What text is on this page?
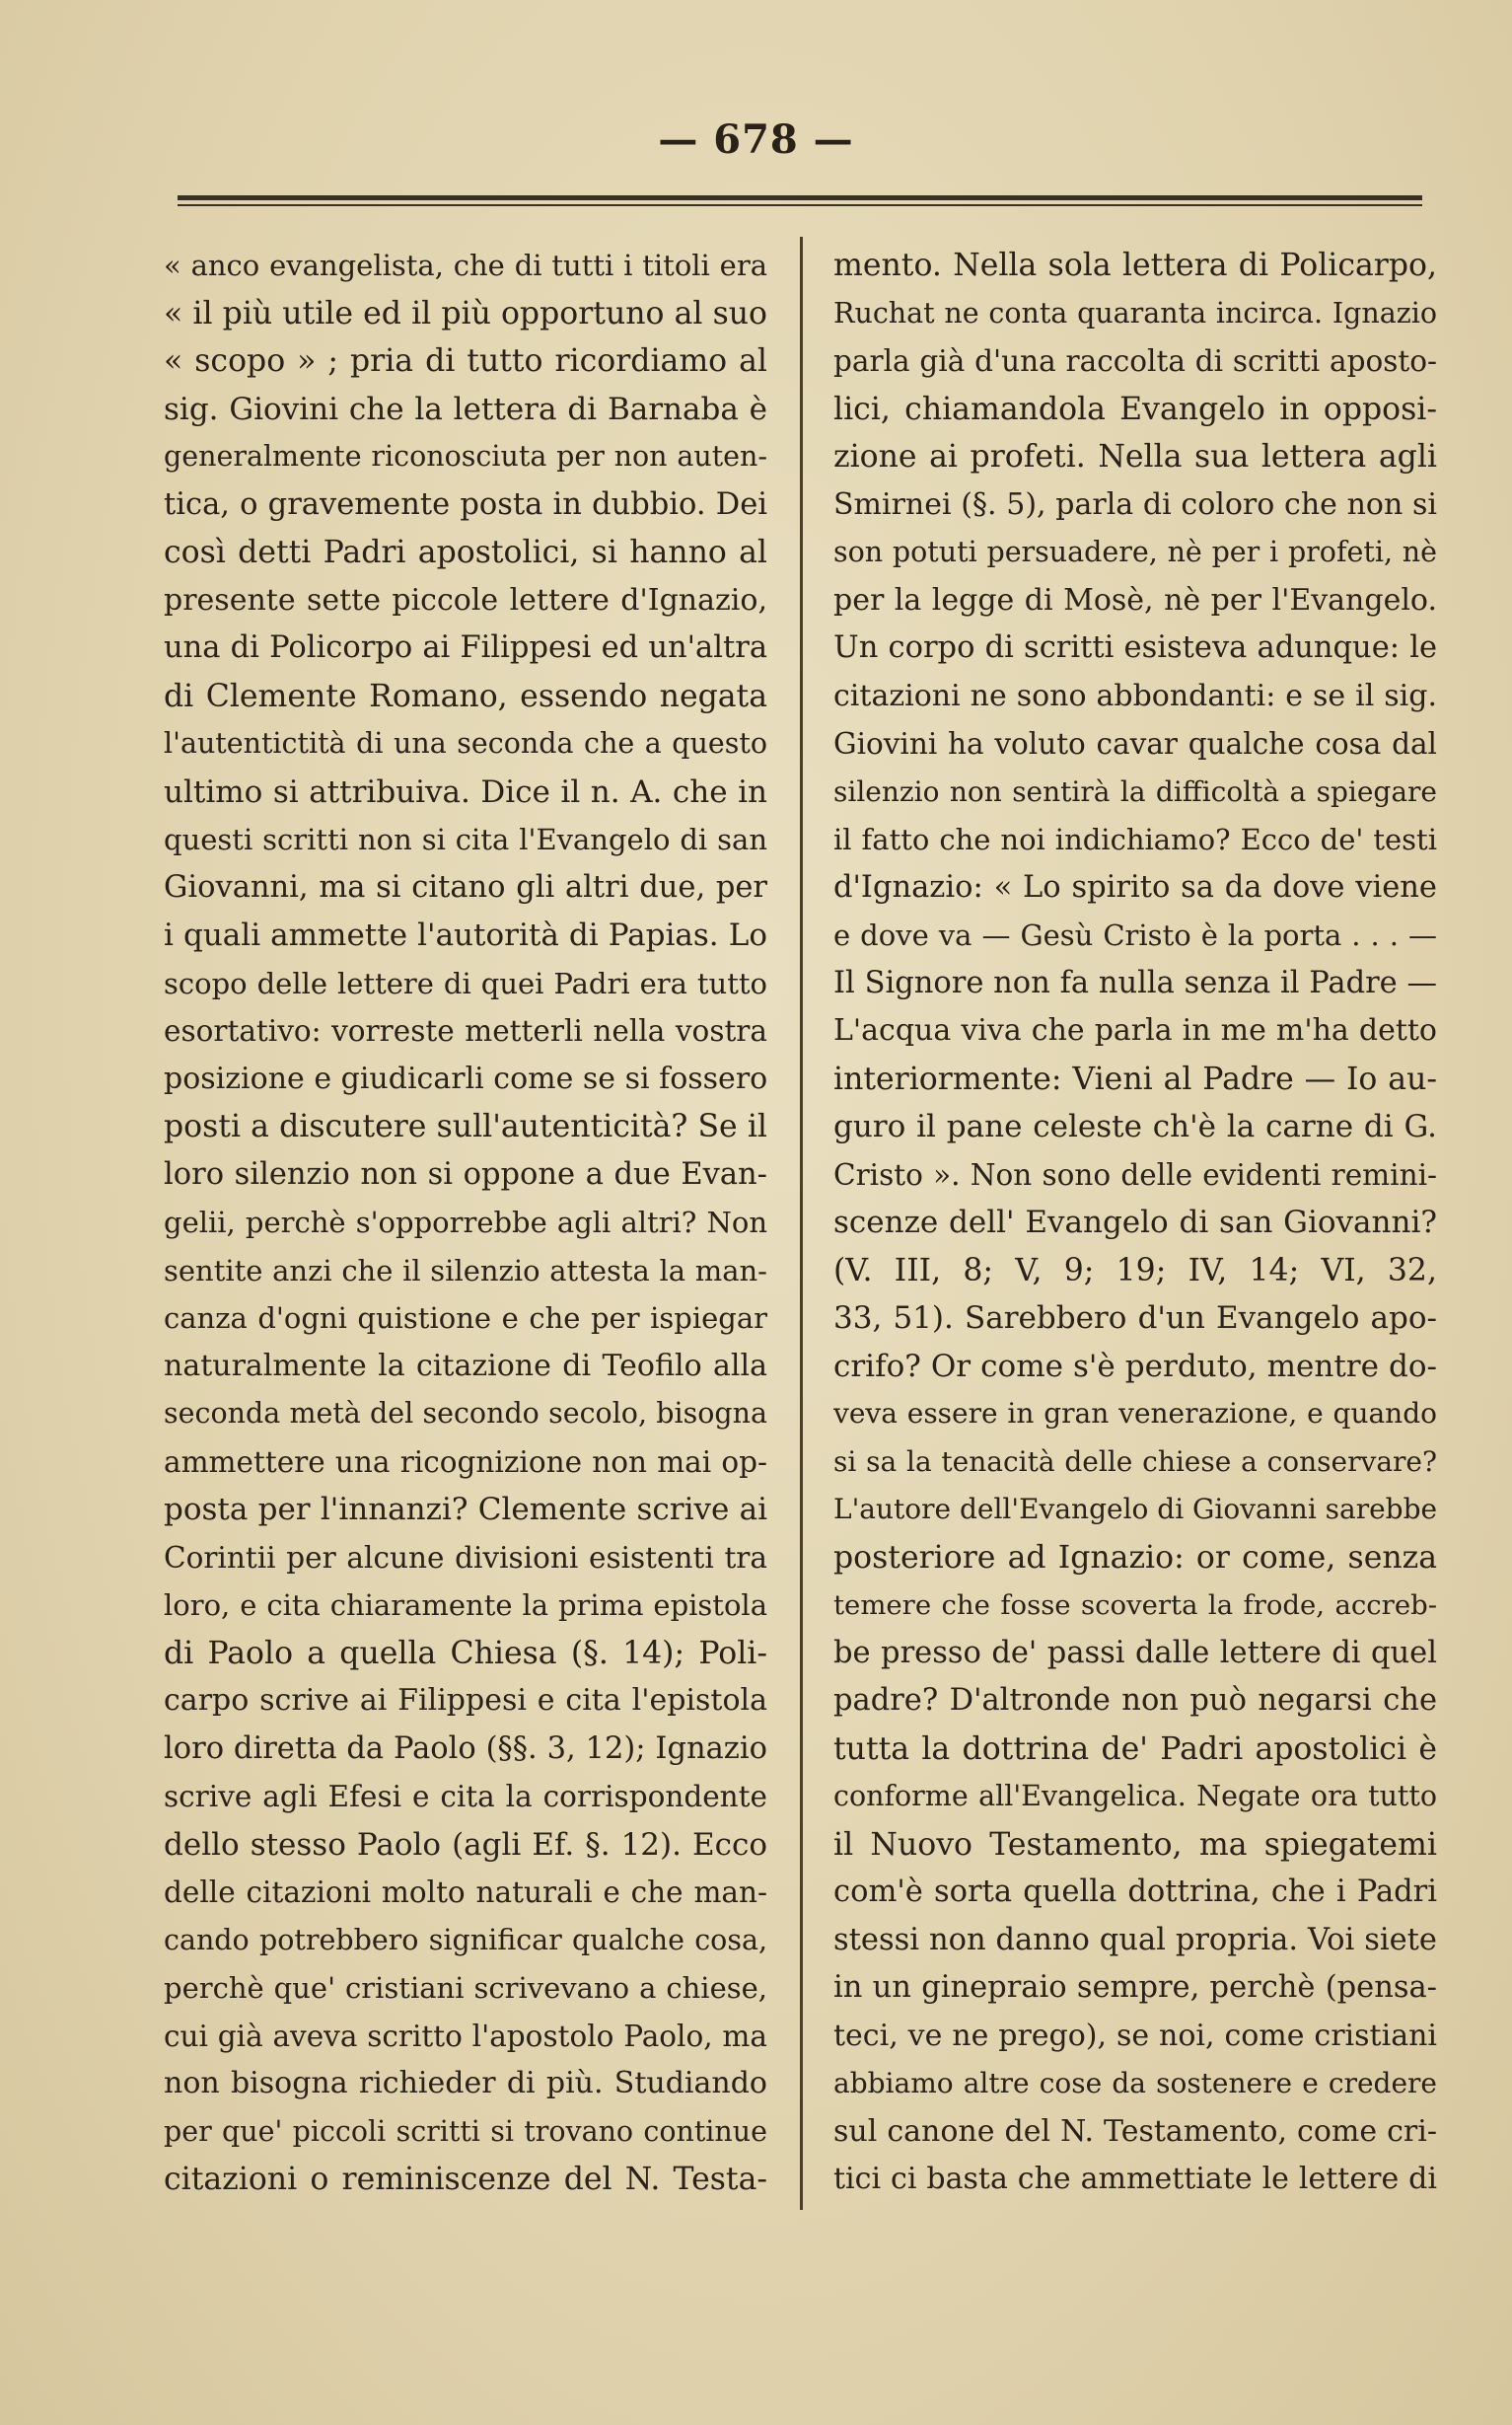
— 678 —
« anco evangelista, che di tutti i titoli era
« il più utile ed il più opportuno al suo
« scopo » ; pria di tutto ricordiamo al
sig. Giovini che la lettera di Barnaba è
generalmente riconosciuta per non auten-
tica, o gravemente posta in dubbio. Dei
così detti Padri apostolici, si hanno al
presente sette piccole lettere d'Ignazio,
una di Policorpo ai Filippesi ed un'altra
di Clemente Romano, essendo negata
l'autentictità di una seconda che a questo
ultimo si attribuiva. Dice il n. A. che in
questi scritti non si cita l'Evangelo di san
Giovanni, ma si citano gli altri due, per
i quali ammette l'autorità di Papias. Lo
scopo delle lettere di quei Padri era tutto
esortativo: vorreste metterli nella vostra
posizione e giudicarli come se si fossero
posti a discutere sull'autenticità? Se il
loro silenzio non si oppone a due Evan-
gelii, perchè s'opporrebbe agli altri? Non
sentite anzi che il silenzio attesta la man-
canza d'ogni quistione e che per ispiegar
naturalmente la citazione di Teofilo alla
seconda metà del secondo secolo, bisogna
ammettere una ricognizione non mai op-
posta per l'innanzi? Clemente scrive ai
Corintii per alcune divisioni esistenti tra
loro, e cita chiaramente la prima epistola
di Paolo a quella Chiesa (§. 14); Poli-
carpo scrive ai Filippesi e cita l'epistola
loro diretta da Paolo (§§. 3, 12); Ignazio
scrive agli Efesi e cita la corrispondente
dello stesso Paolo (agli Ef. §. 12). Ecco
delle citazioni molto naturali e che man-
cando potrebbero significar qualche cosa,
perchè que' cristiani scrivevano a chiese,
cui già aveva scritto l'apostolo Paolo, ma
non bisogna richieder di più. Studiando
per que' piccoli scritti si trovano continue
citazioni o reminiscenze del N. Testa-
mento. Nella sola lettera di Policarpo,
Ruchat ne conta quaranta incirca. Ignazio
parla già d'una raccolta di scritti aposto-
lici, chiamandola Evangelo in opposi-
zione ai profeti. Nella sua lettera agli
Smirnei (§. 5), parla di coloro che non si
son potuti persuadere, nè per i profeti, nè
per la legge di Mosè, nè per l'Evangelo.
Un corpo di scritti esisteva adunque: le
citazioni ne sono abbondanti: e se il sig.
Giovini ha voluto cavar qualche cosa dal
silenzio non sentirà la difficoltà a spiegare
il fatto che noi indichiamo? Ecco de' testi
d'Ignazio: « Lo spirito sa da dove viene
e dove va — Gesù Cristo è la porta . . . —
Il Signore non fa nulla senza il Padre —
L'acqua viva che parla in me m'ha detto
interiormente: Vieni al Padre — Io au-
guro il pane celeste ch'è la carne di G.
Cristo ». Non sono delle evidenti remini-
scenze dell' Evangelo di san Giovanni?
(V. III, 8; V, 9; 19; IV, 14; VI, 32,
33, 51). Sarebbero d'un Evangelo apo-
crifo? Or come s'è perduto, mentre do-
veva essere in gran venerazione, e quando
si sa la tenacità delle chiese a conservare?
L'autore dell'Evangelo di Giovanni sarebbe
posteriore ad Ignazio: or come, senza
temere che fosse scoverta la frode, accreb-
be presso de' passi dalle lettere di quel
padre? D'altronde non può negarsi che
tutta la dottrina de' Padri apostolici è
conforme all'Evangelica. Negate ora tutto
il Nuovo Testamento, ma spiegatemi
com'è sorta quella dottrina, che i Padri
stessi non danno qual propria. Voi siete
in un ginepraio sempre, perchè (pensa-
teci, ve ne prego), se noi, come cristiani
abbiamo altre cose da sostenere e credere
sul canone del N. Testamento, come cri-
tici ci basta che ammettiate le lettere di
